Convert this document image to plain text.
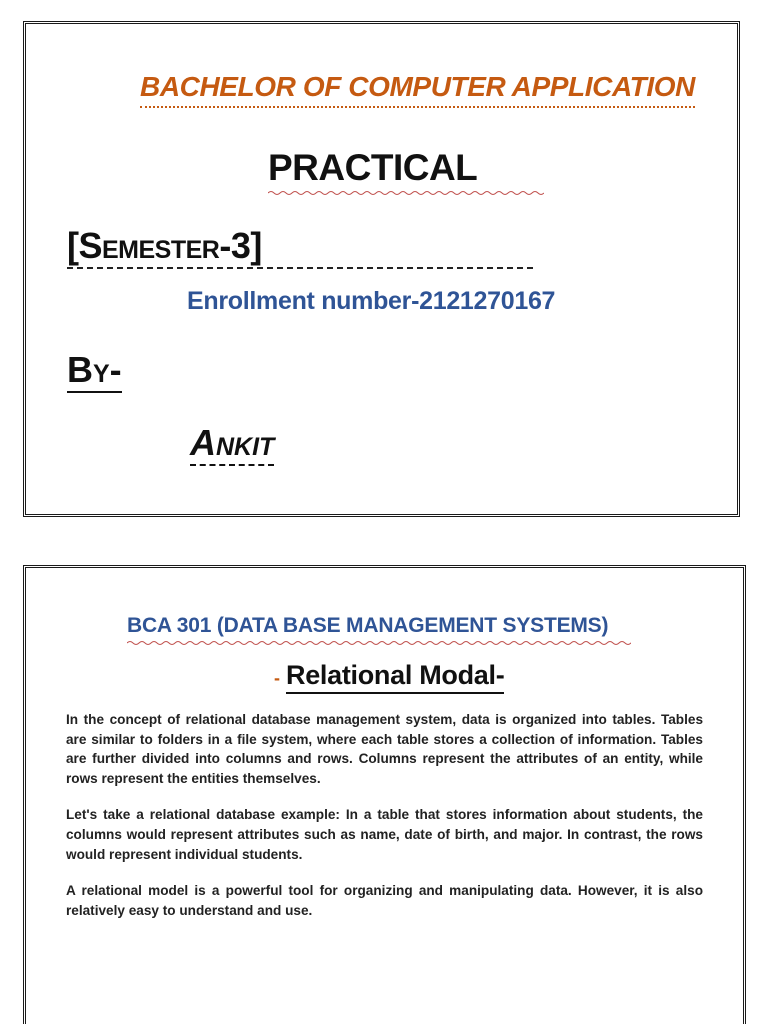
BACHELOR OF COMPUTER APPLICATION
PRACTICAL
[Semester-3]
Enrollment number-2121270167
By-
Ankit
BCA 301 (DATA BASE MANAGEMENT SYSTEMS)
- Relational Modal-

In the concept of relational database management system, data is organized into tables. Tables are similar to folders in a file system, where each table stores a collection of information. Tables are further divided into columns and rows. Columns represent the attributes of an entity, while rows represent the entities themselves.

Let's take a relational database example: In a table that stores information about students, the columns would represent attributes such as name, date of birth, and major. In contrast, the rows would represent individual students.

A relational model is a powerful tool for organizing and manipulating data. However, it is also relatively easy to understand and use.
